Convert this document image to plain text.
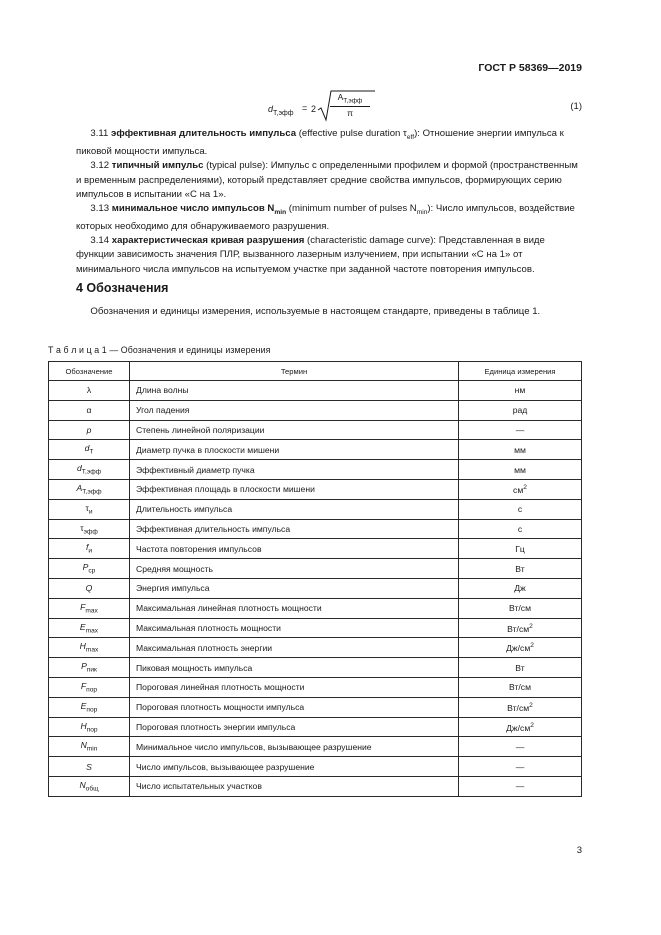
ГОСТ Р 58369—2019
$d_{T,эфф}$
= 2
$A_{T,эфф}$
π
(1)

  3.11 эффективная длительность импульса (effective pulse duration $\tau_{eff}$): Отношение энергии импульса к пиковой мощности импульса.

  3.12 типичный импульс (typical pulse): Импульс с определенными профилем и формой (пространственным и временным распределениями), который представляет средние свойства импульсов, формирующих серию импульсов в испытании «С на 1».

  3.13 минимальное число импульсов $N_{min}$ (minimum number of pulses $N_{min}$): Число импульсов, воздействие которых необходимо для обнаруживаемого разрушения.

  3.14 характеристическая кривая разрушения (characteristic damage curve): Представленная в виде функции зависимость значения ПЛР, вызванного лазерным излучением, при испытании «С на 1» от минимального числа импульсов на испытуемом участке при заданной частоте повторения импульсов.

4 Обозначения
  Обозначения и единицы измерения, используемые в настоящем стандарте, приведены в таблице 1.
Т а б л и ц а 1 — Обозначения и единицы измерения
Обозначение	Термин	Единица измерения
λ	Длина волны	нм
α	Угол падения	рад
p	Степень линейной поляризации	—
$d_T$	Диаметр пучка в плоскости мишени	мм
$d_{T,эфф}$	Эффективный диаметр пучка	мм
$A_{T,эфф}$	Эффективная площадь в плоскости мишени	$см^2$
$\tau_и$	Длительность импульса	с
$\tau_{эфф}$	Эффективная длительность импульса	с
$f_и$	Частота повторения импульсов	Гц
$P_{ср}$	Средняя мощность	Вт
Q	Энергия импульса	Дж
$F_{max}$	Максимальная линейная плотность мощности	Вт/см
$E_{max}$	Максимальная плотность мощности	$Вт/см^2$
$H_{max}$	Максимальная плотность энергии	$Дж/см^2$
$P_{пик}$	Пиковая мощность импульса	Вт
$F_{пор}$	Пороговая линейная плотность мощности	Вт/см
$E_{пор}$	Пороговая плотность мощности импульса	$Вт/см^2$
$H_{пор}$	Пороговая плотность энергии импульса	$Дж/см^2$
$N_{min}$	Минимальное число импульсов, вызывающее разрушение	—
S	Число импульсов, вызывающее разрушение	—
$N_{общ}$	Число испытательных участков	—
3
